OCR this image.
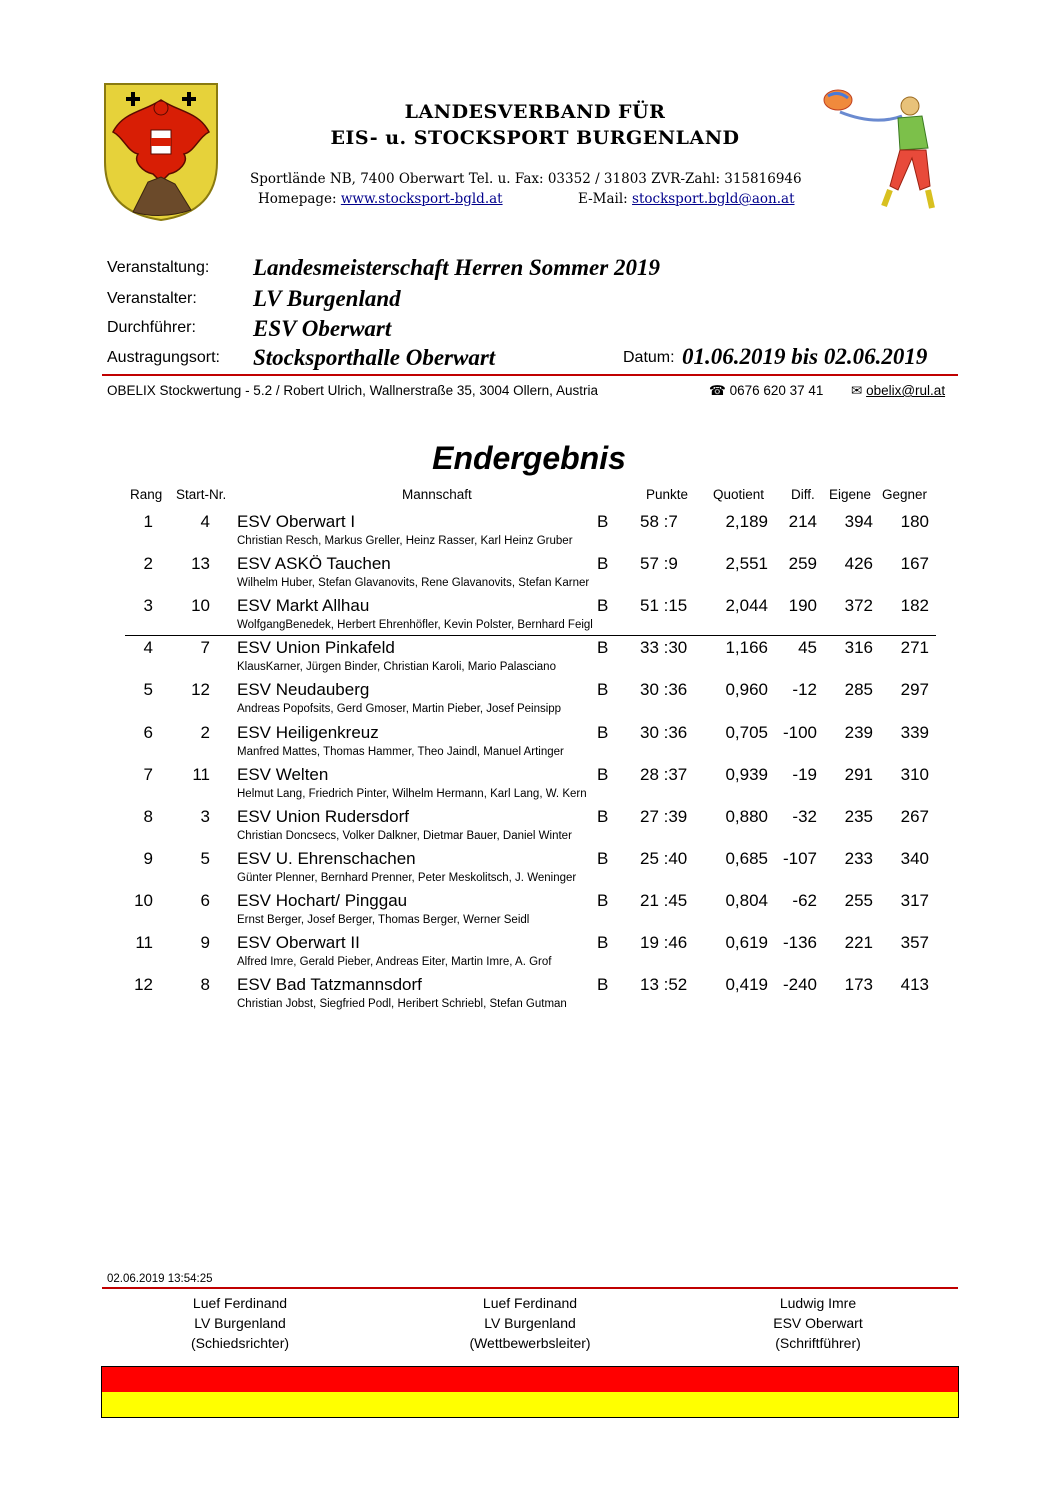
LANDESVERBAND FÜR
EIS- u. STOCKSPORT BURGENLAND
Sportlände NB, 7400 Oberwart Tel. u. Fax: 03352 / 31803 ZVR-Zahl: 315816946
Homepage: www.stocksport-bgld.at	E-Mail: stocksport.bgld@aon.at
Veranstaltung: Landesmeisterschaft Herren Sommer 2019
Veranstalter: LV Burgenland
Durchführer: ESV Oberwart
Austragungsort: Stocksporthalle Oberwart	Datum: 01.06.2019 bis 02.06.2019
OBELIX Stockwertung - 5.2 / Robert Ulrich, Wallnerstraße 35, 3004 Ollern, Austria	☎ 0676 620 37 41 ✉ obelix@rul.at
Endergebnis
Rang Start-Nr.	Mannschaft	Punkte Quotient Diff. Eigene Gegner
1	4 ESV Oberwart I	B 58 :7	2,189	214	394	180
Christian Resch, Markus Greller, Heinz Rasser, Karl Heinz Gruber
2	13 ESV ASKÖ Tauchen	B 57 :9	2,551	259	426	167
Wilhelm Huber, Stefan Glavanovits, Rene Glavanovits, Stefan Karner
3	10 ESV Markt Allhau	B 51 :15	2,044	190	372	182
WolfgangBenedek, Herbert Ehrenhöfler, Kevin Polster, Bernhard Feigl
4	7 ESV Union Pinkafeld	B 33 :30	1,166	45	316	271
KlausKarner, Jürgen Binder, Christian Karoli, Mario Palasciano
5	12 ESV Neudauberg	B 30 :36	0,960	-12	285	297
Andreas Popofsits, Gerd Gmoser, Martin Pieber, Josef Peinsipp
6	2 ESV Heiligenkreuz	B 30 :36	0,705 -100	239	339
Manfred Mattes, Thomas Hammer, Theo Jaindl, Manuel Artinger
7	11 ESV Welten	B 28 :37	0,939	-19	291	310
Helmut Lang, Friedrich Pinter, Wilhelm Hermann, Karl Lang, W. Kern
8	3 ESV Union Rudersdorf	B 27 :39	0,880	-32	235	267
Christian Doncsecs, Volker Dalkner, Dietmar Bauer, Daniel Winter
9	5 ESV U. Ehrenschachen	B 25 :40	0,685 -107	233	340
Günter Plenner, Bernhard Prenner, Peter Meskolitsch, J. Weninger
10	6 ESV Hochart/ Pinggau	B 21 :45	0,804	-62	255	317
Ernst Berger, Josef Berger, Thomas Berger, Werner Seidl
11	9 ESV Oberwart II	B 19 :46	0,619 -136	221	357
Alfred Imre, Gerald Pieber, Andreas Eiter, Martin Imre, A. Grof
12	8 ESV Bad Tatzmannsdorf	B 13 :52	0,419 -240	173	413
Christian Jobst, Siegfried Podl, Heribert Schriebl, Stefan Gutman
02.06.2019 13:54:25
Luef Ferdinand
LV Burgenland
(Schiedsrichter)
Luef Ferdinand
LV Burgenland
(Wettbewerbsleiter)
Ludwig Imre
ESV Oberwart
(Schriftführer)
